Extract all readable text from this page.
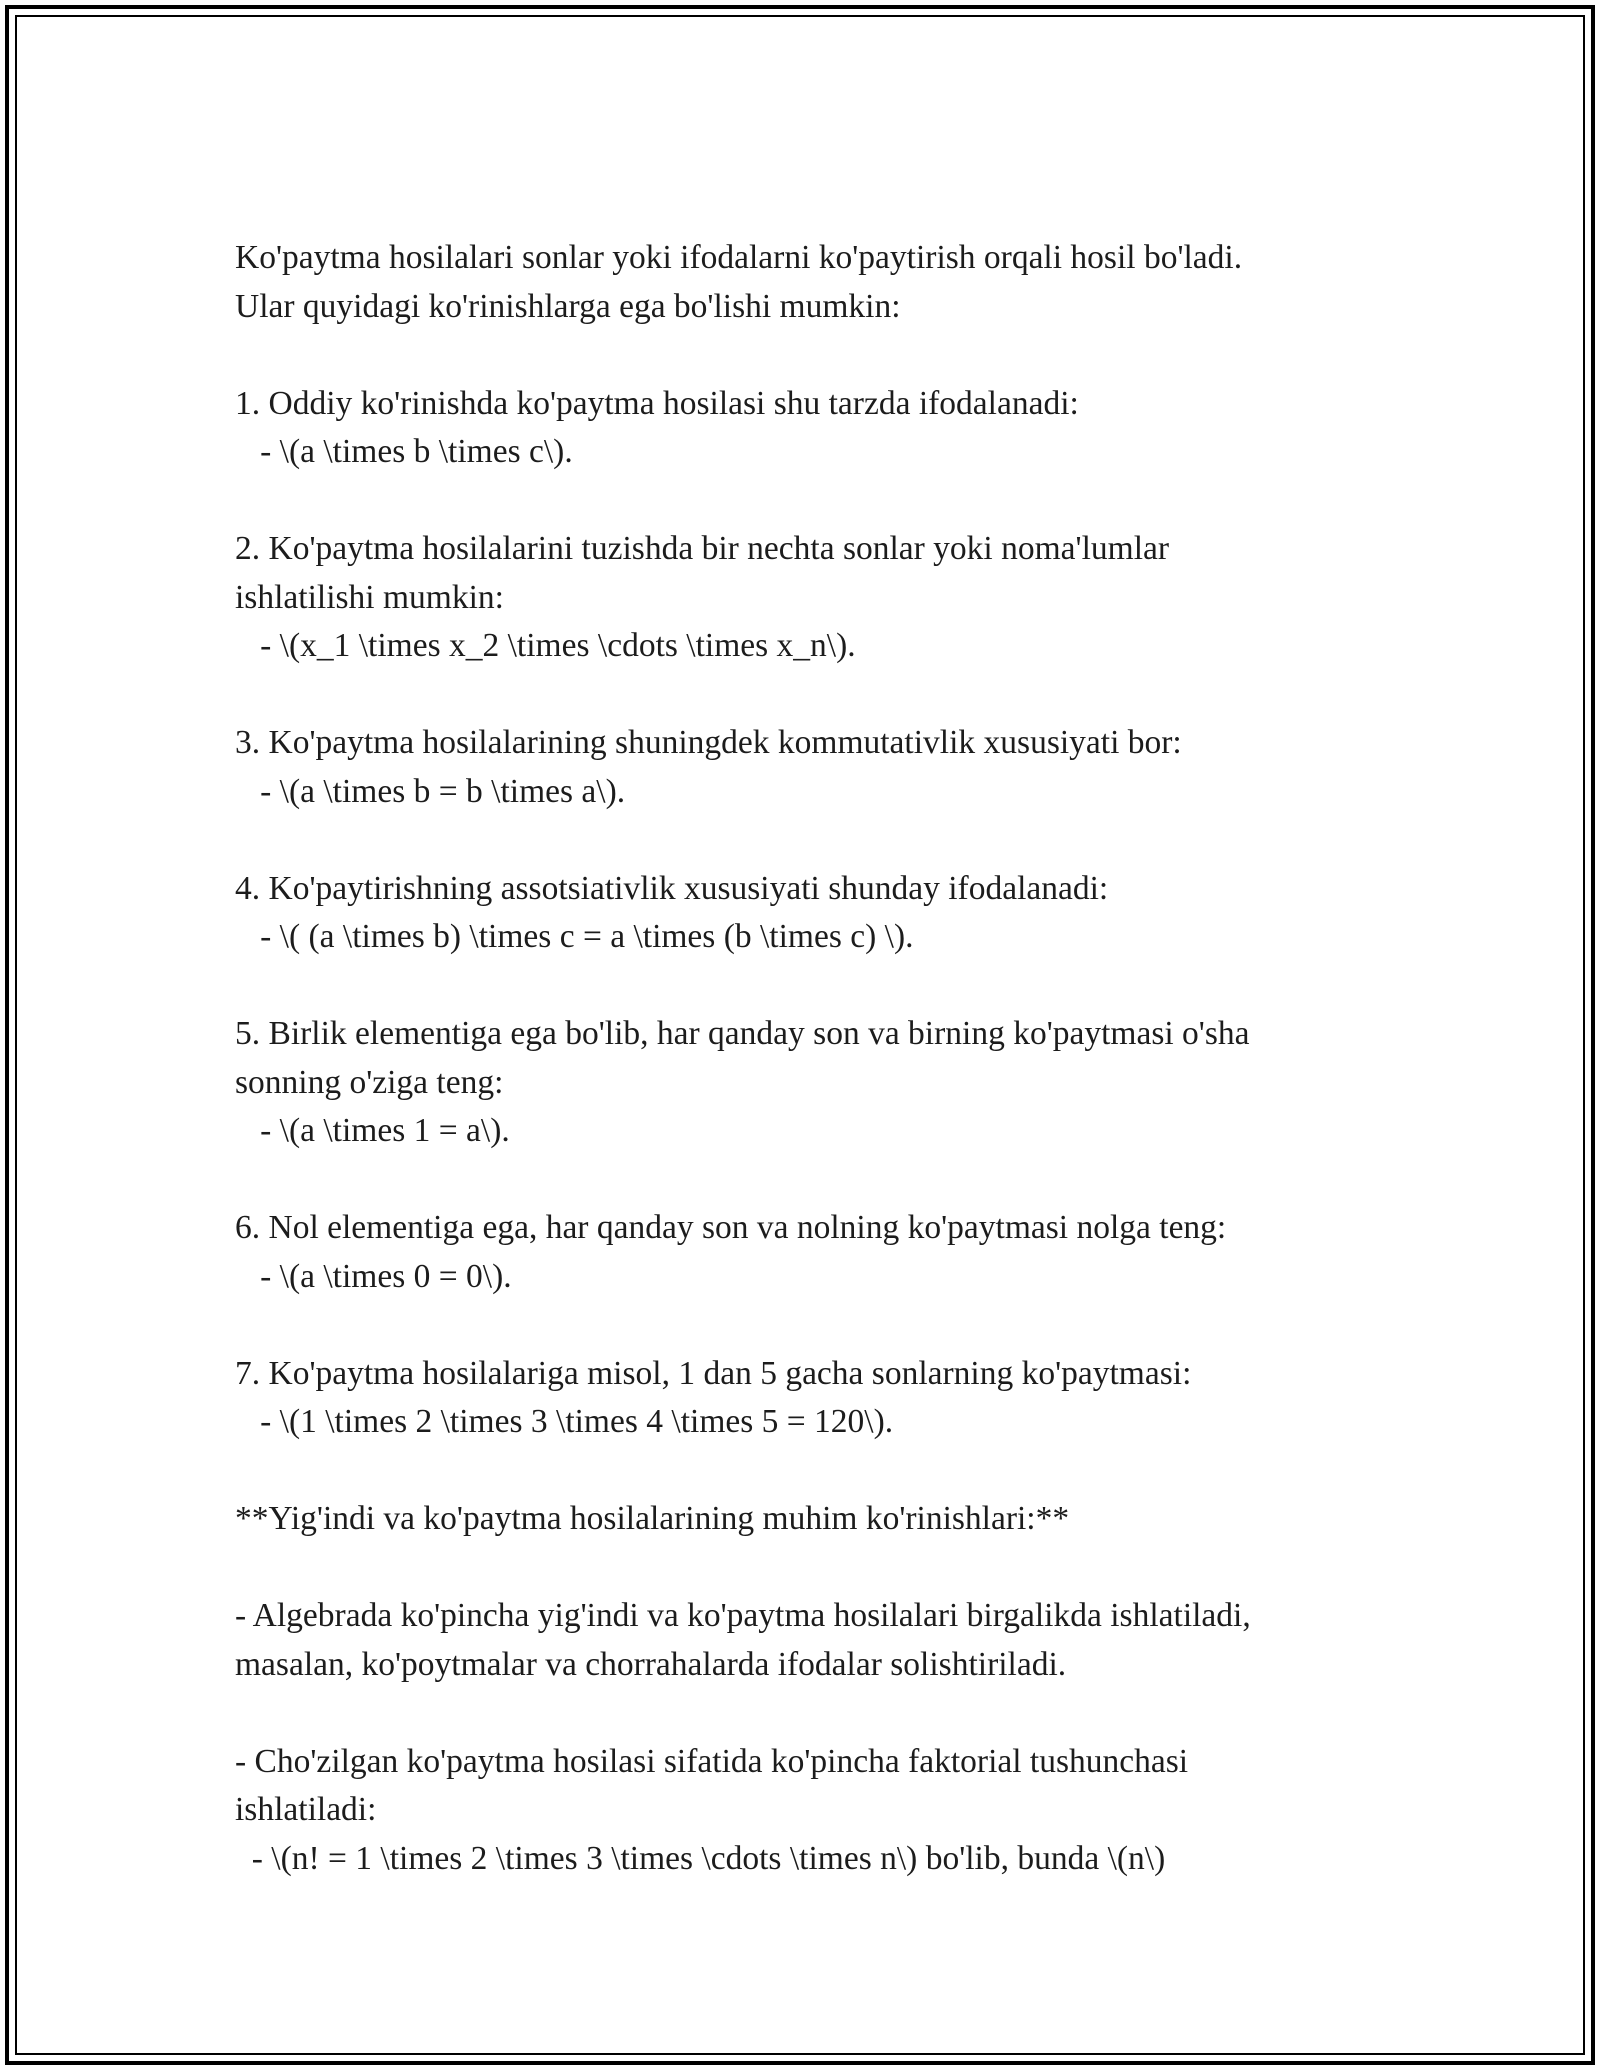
Ko'paytma hosilalari sonlar yoki ifodalarni ko'paytirish orqali hosil bo'ladi.
Ular quyidagi ko'rinishlarga ega bo'lishi mumkin:
1. Oddiy ko'rinishda ko'paytma hosilasi shu tarzda ifodalanadi:
- \(a \times b \times c\).
2. Ko'paytma hosilalarini tuzishda bir nechta sonlar yoki noma'lumlar
ishlatilishi mumkin:
- \(x_1 \times x_2 \times \cdots \times x_n\).
3. Ko'paytma hosilalarining shuningdek kommutativlik xususiyati bor:
- \(a \times b = b \times a\).
4. Ko'paytirishning assotsiativlik xususiyati shunday ifodalanadi:
- \( (a \times b) \times c = a \times (b \times c) \).
5. Birlik elementiga ega bo'lib, har qanday son va birning ko'paytmasi o'sha
sonning o'ziga teng:
- \(a \times 1 = a\).
6. Nol elementiga ega, har qanday son va nolning ko'paytmasi nolga teng:
- \(a \times 0 = 0\).
7. Ko'paytma hosilalariga misol, 1 dan 5 gacha sonlarning ko'paytmasi:
- \(1 \times 2 \times 3 \times 4 \times 5 = 120\).
**Yig'indi va ko'paytma hosilalarining muhim ko'rinishlari:**
- Algebrada ko'pincha yig'indi va ko'paytma hosilalari birgalikda ishlatiladi,
masalan, ko'poytmalar va chorrahalarda ifodalar solishtiriladi.
- Cho'zilgan ko'paytma hosilasi sifatida ko'pincha faktorial tushunchasi
ishlatiladi:
- \(n! = 1 \times 2 \times 3 \times \cdots \times n\) bo'lib, bunda \(n\)
